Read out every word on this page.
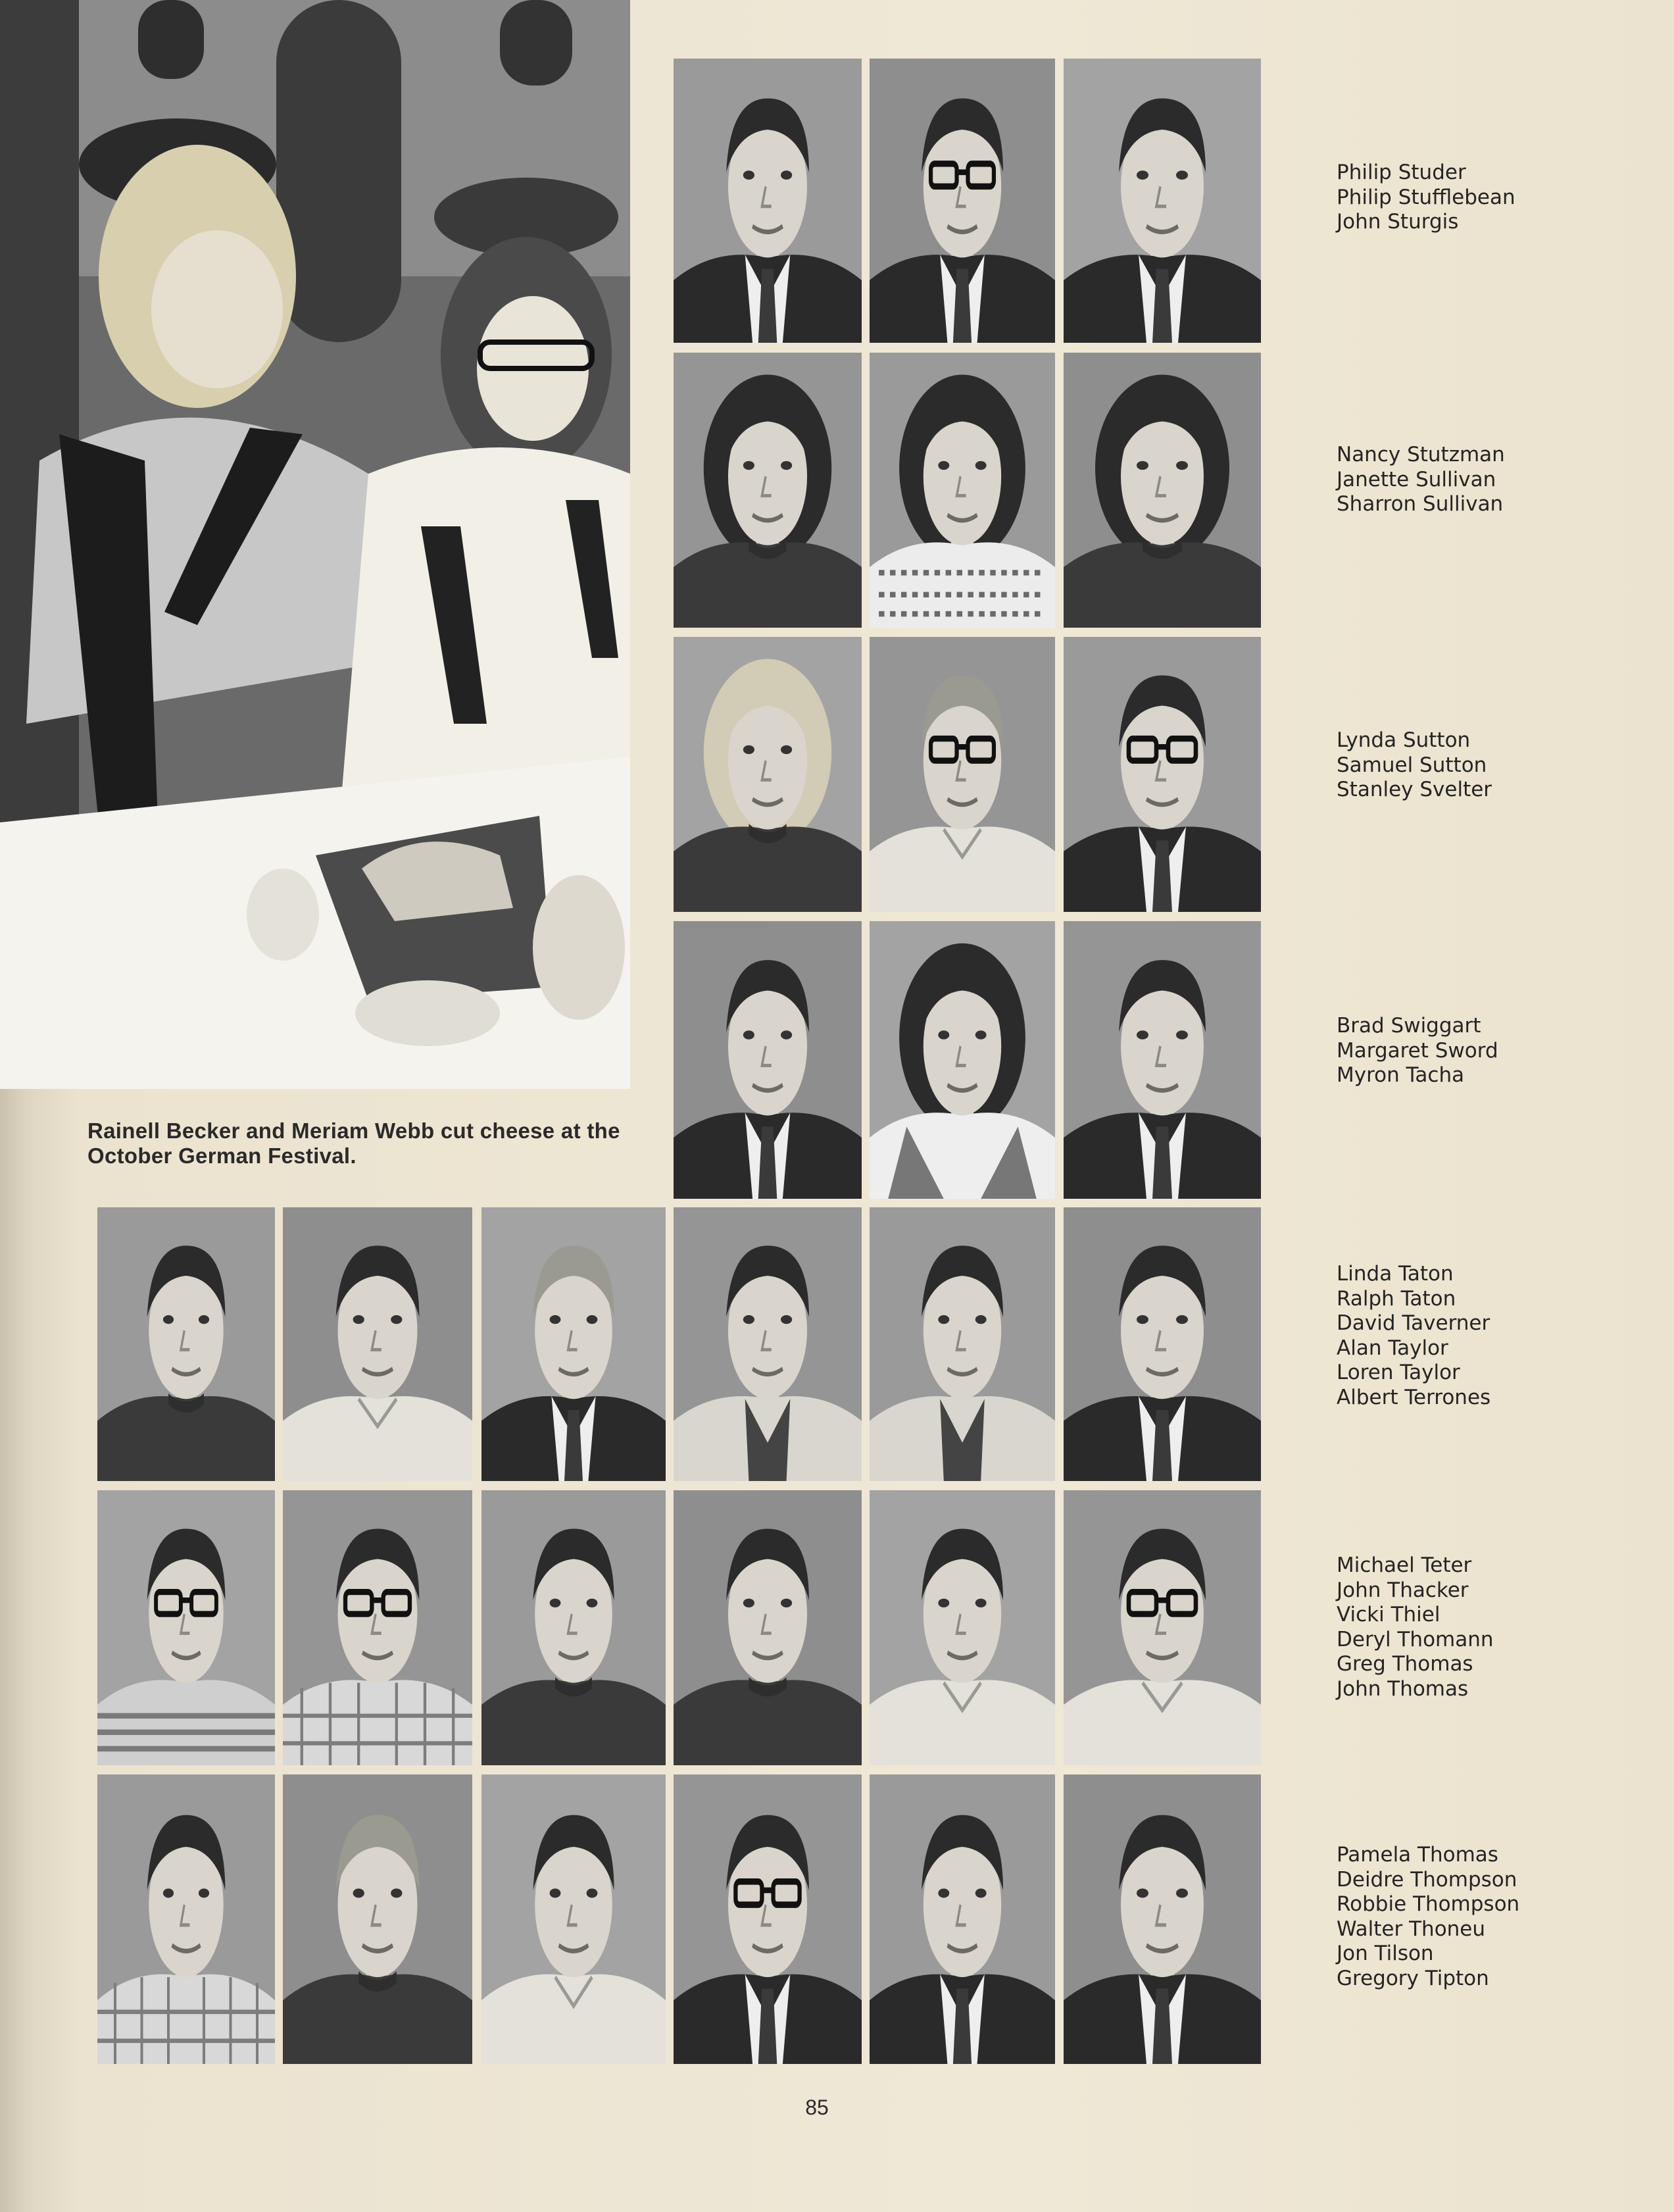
Rainell Becker and Meriam Webb cut cheese at the October German Festival.
Philip Studer
Philip Stufflebean
John Sturgis
Nancy Stutzman
Janette Sullivan
Sharron Sullivan
Lynda Sutton
Samuel Sutton
Stanley Svelter
Brad Swiggart
Margaret Sword
Myron Tacha
Linda Taton
Ralph Taton
David Taverner
Alan Taylor
Loren Taylor
Albert Terrones
Michael Teter
John Thacker
Vicki Thiel
Deryl Thomann
Greg Thomas
John Thomas
Pamela Thomas
Deidre Thompson
Robbie Thompson
Walter Thoneu
Jon Tilson
Gregory Tipton
85
